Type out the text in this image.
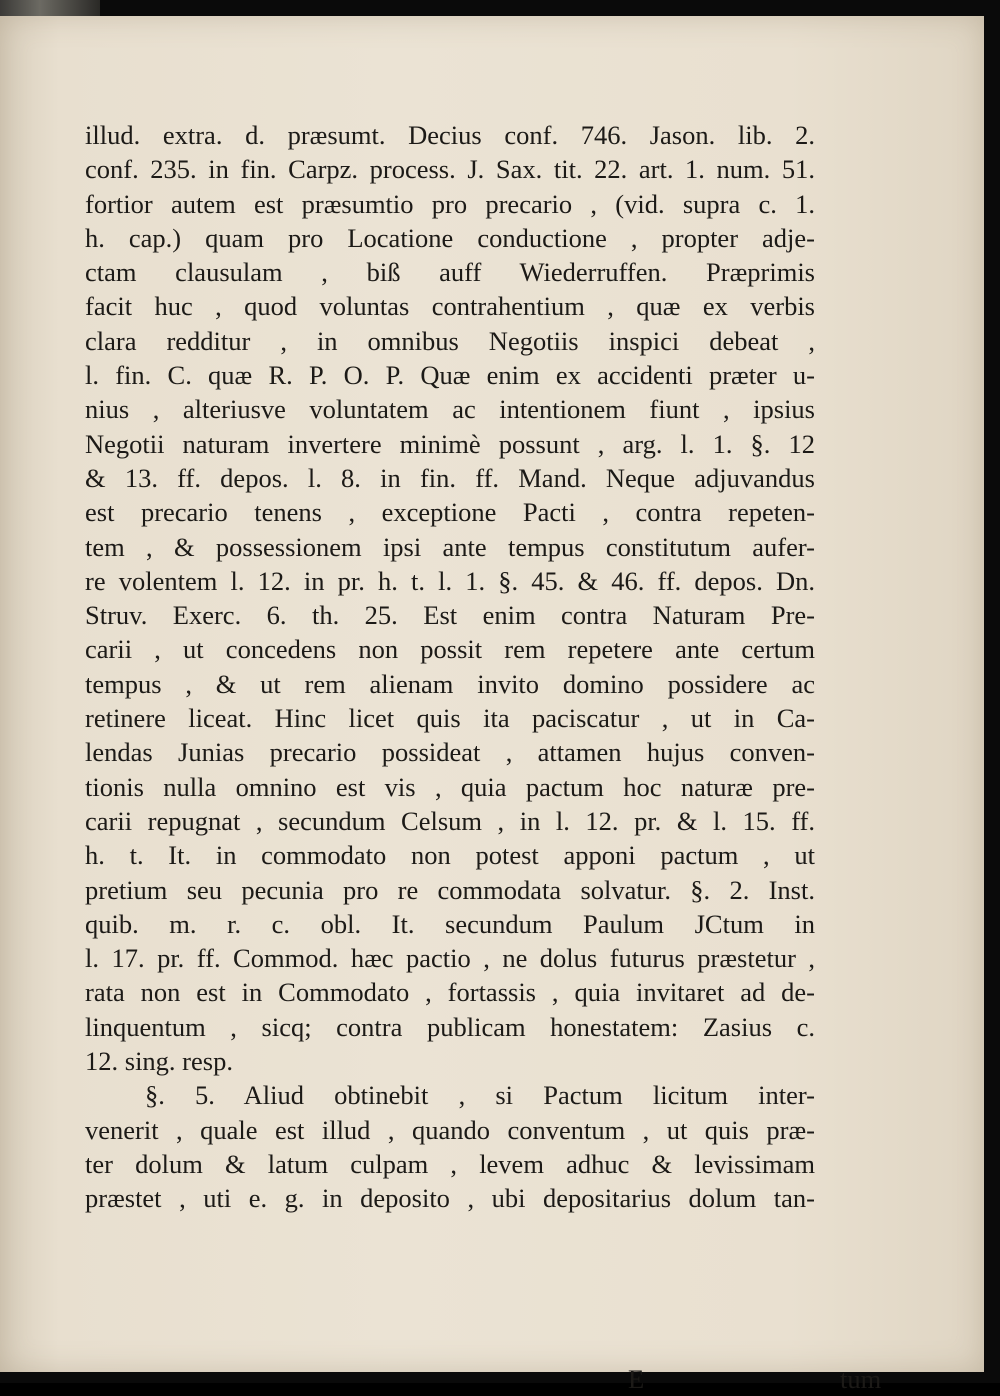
illud. extra. d. præsumt. Decius conf. 746. Jason. lib. 2.
conf. 235. in fin. Carpz. process. J. Sax. tit. 22. art. 1. num. 51.
fortior autem est præsumtio pro precario , (vid. supra c. 1.
h. cap.) quam pro Locatione conductione , propter adje-
ctam clausulam , biß auff Wiederruffen. Præprimis
facit huc , quod voluntas contrahentium , quæ ex verbis
clara redditur , in omnibus Negotiis inspici debeat ,
l. fin. C. quæ R. P. O. P. Quæ enim ex accidenti præter u-
nius , alteriusve voluntatem ac intentionem fiunt , ipsius
Negotii naturam invertere minimè possunt , arg. l. 1. §. 12
& 13. ff. depos. l. 8. in fin. ff. Mand. Neque adjuvandus
est precario tenens , exceptione Pacti , contra repeten-
tem , & possessionem ipsi ante tempus constitutum aufer-
re volentem l. 12. in pr. h. t. l. 1. §. 45. & 46. ff. depos. Dn.
Struv. Exerc. 6. th. 25. Est enim contra Naturam Pre-
carii , ut concedens non possit rem repetere ante certum
tempus , & ut rem alienam invito domino possidere ac
retinere liceat. Hinc licet quis ita paciscatur , ut in Ca-
lendas Junias precario possideat , attamen hujus conven-
tionis nulla omnino est vis , quia pactum hoc naturæ pre-
carii repugnat , secundum Celsum , in l. 12. pr. & l. 15. ff.
h. t. It. in commodato non potest apponi pactum , ut
pretium seu pecunia pro re commodata solvatur. §. 2. Inst.
quib. m. r. c. obl. It. secundum Paulum JCtum in
l. 17. pr. ff. Commod. hæc pactio , ne dolus futurus præstetur ,
rata non est in Commodato , fortassis , quia invitaret ad de-
linquentum , sicq; contra publicam honestatem: Zasius c.
12. sing. resp.
§. 5. Aliud obtinebit , si Pactum licitum inter-
venerit , quale est illud , quando conventum , ut quis præ-
ter dolum & latum culpam , levem adhuc & levissimam
præstet , uti e. g. in deposito , ubi depositarius dolum tan-
E	tum
